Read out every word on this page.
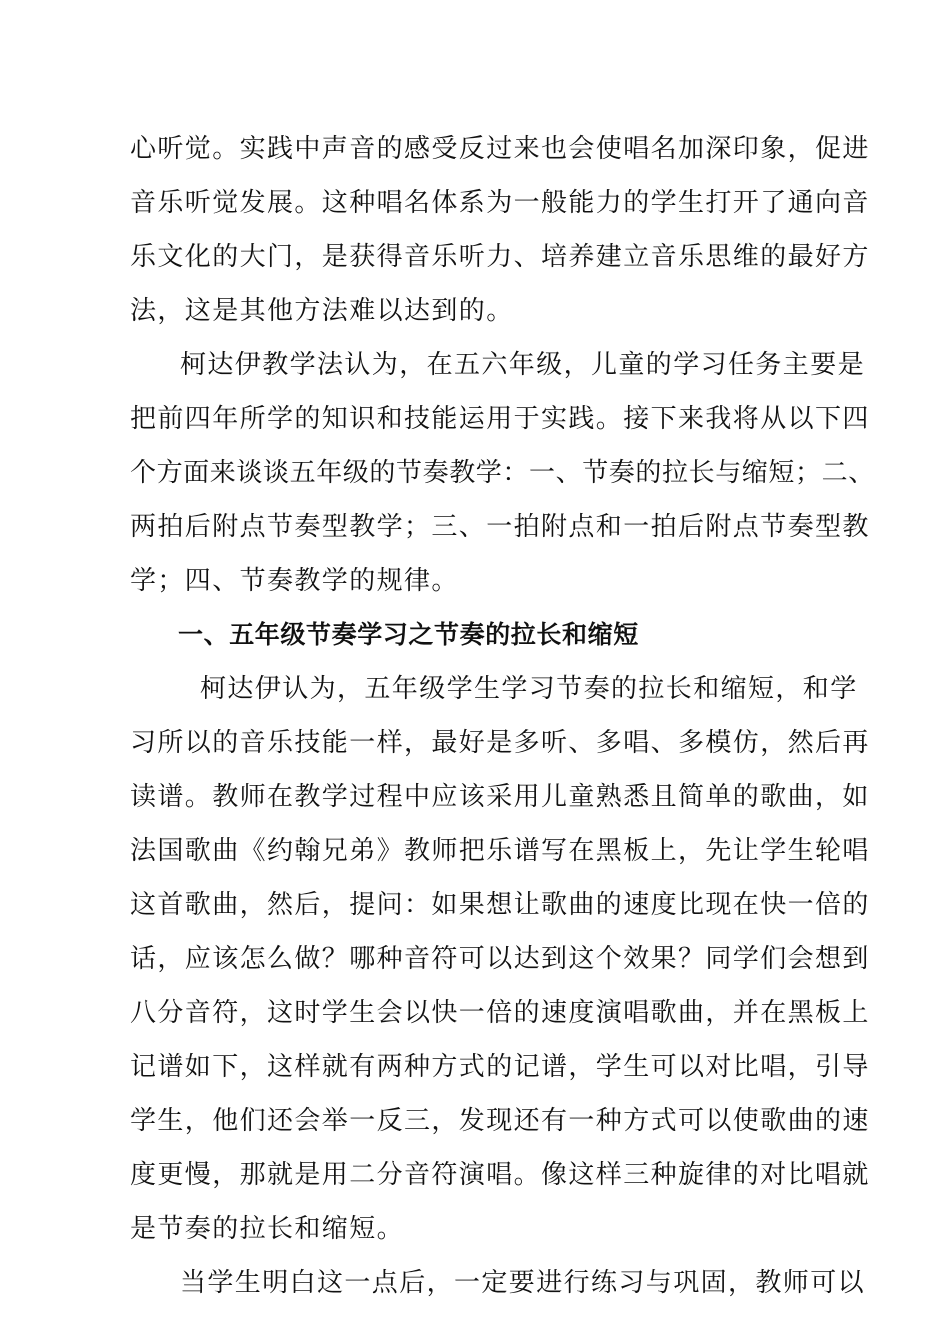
心听觉。实践中声音的感受反过来也会使唱名加深印象，促进
音乐听觉发展。这种唱名体系为一般能力的学生打开了通向音
乐文化的大门，是获得音乐听力、培养建立音乐思维的最好方
法，这是其他方法难以达到的。
柯达伊教学法认为，在五六年级，儿童的学习任务主要是
把前四年所学的知识和技能运用于实践。接下来我将从以下四
个方面来谈谈五年级的节奏教学：一、节奏的拉长与缩短；二、
两拍后附点节奏型教学；三、一拍附点和一拍后附点节奏型教
学；四、节奏教学的规律。
一、五年级节奏学习之节奏的拉长和缩短
柯达伊认为，五年级学生学习节奏的拉长和缩短，和学
习所以的音乐技能一样，最好是多听、多唱、多模仿，然后再
读谱。教师在教学过程中应该采用儿童熟悉且简单的歌曲，如
法国歌曲《约翰兄弟》教师把乐谱写在黑板上，先让学生轮唱
这首歌曲，然后，提问：如果想让歌曲的速度比现在快一倍的
话，应该怎么做？哪种音符可以达到这个效果？同学们会想到
八分音符，这时学生会以快一倍的速度演唱歌曲，并在黑板上
记谱如下，这样就有两种方式的记谱，学生可以对比唱，引导
学生，他们还会举一反三，发现还有一种方式可以使歌曲的速
度更慢，那就是用二分音符演唱。像这样三种旋律的对比唱就
是节奏的拉长和缩短。
当学生明白这一点后，一定要进行练习与巩固，教师可以
